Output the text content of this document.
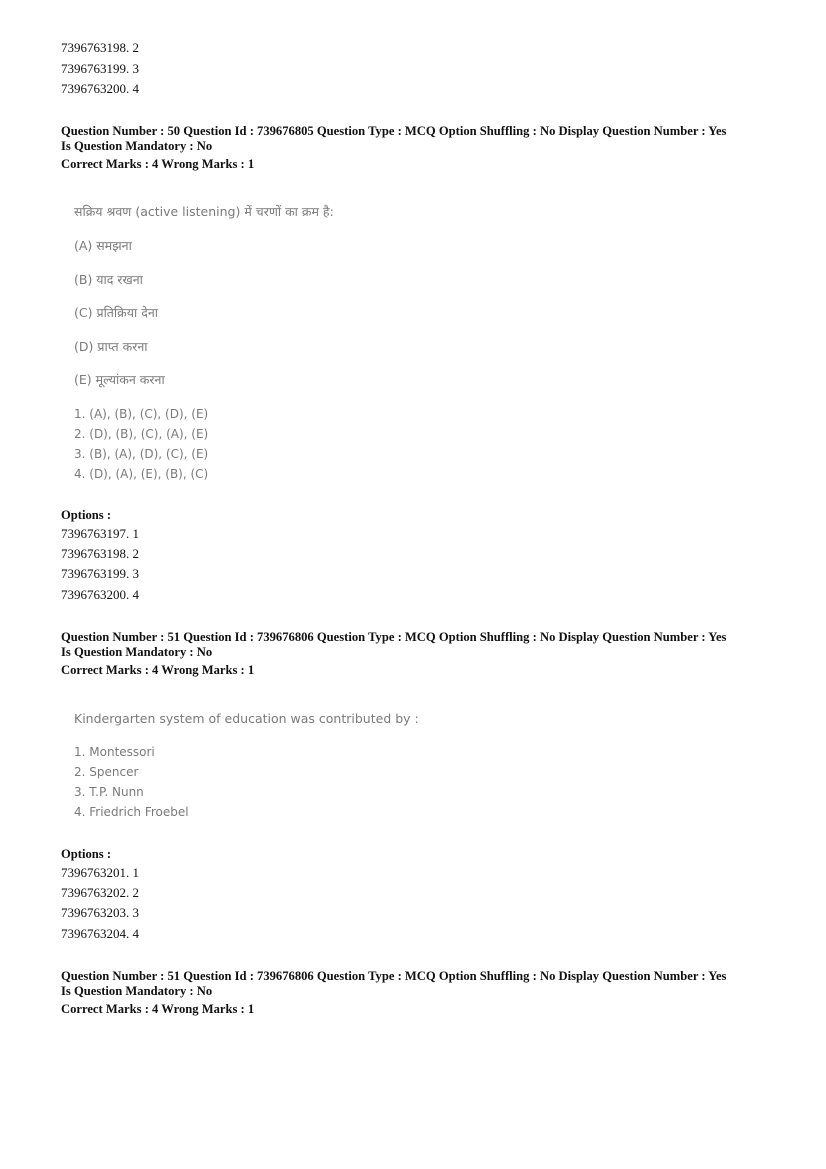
7396763198. 2
7396763199. 3
7396763200. 4
Question Number : 50 Question Id : 739676805 Question Type : MCQ Option Shuffling : No Display Question Number : Yes
Is Question Mandatory : No
Correct Marks : 4 Wrong Marks : 1
सक्रिय श्रवण (active listening) में चरणों का क्रम है:
(A) समझना
(B) याद रखना
(C) प्रतिक्रिया देना
(D) प्राप्त करना
(E) मूल्यांकन करना
1. (A), (B), (C), (D), (E)
2. (D), (B), (C), (A), (E)
3. (B), (A), (D), (C), (E)
4. (D), (A), (E), (B), (C)
Options :
7396763197. 1
7396763198. 2
7396763199. 3
7396763200. 4
Question Number : 51 Question Id : 739676806 Question Type : MCQ Option Shuffling : No Display Question Number : Yes
Is Question Mandatory : No
Correct Marks : 4 Wrong Marks : 1
Kindergarten system of education was contributed by :
1. Montessori
2. Spencer
3. T.P. Nunn
4. Friedrich Froebel
Options :
7396763201. 1
7396763202. 2
7396763203. 3
7396763204. 4
Question Number : 51 Question Id : 739676806 Question Type : MCQ Option Shuffling : No Display Question Number : Yes
Is Question Mandatory : No
Correct Marks : 4 Wrong Marks : 1
